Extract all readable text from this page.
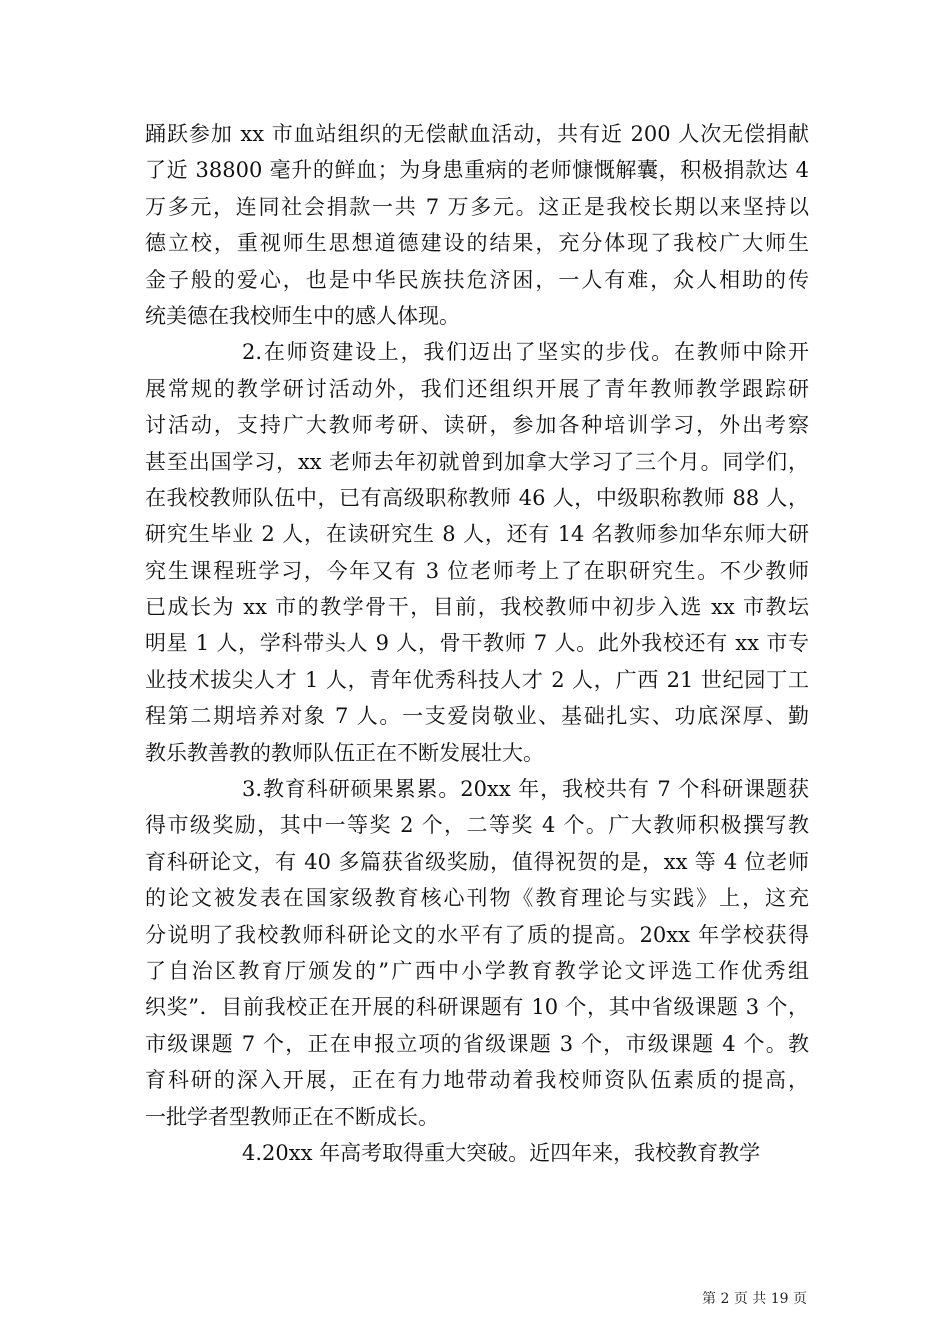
踊跃参加 xx 市血站组织的无偿献血活动，共有近 200 人次无偿捐献
了近 38800 毫升的鲜血；为身患重病的老师慷慨解囊，积极捐款达 4
万多元，连同社会捐款一共 7 万多元。这正是我校长期以来坚持以
德立校，重视师生思想道德建设的结果，充分体现了我校广大师生
金子般的爱心，也是中华民族扶危济困，一人有难，众人相助的传
统美德在我校师生中的感人体现。
2.在师资建设上，我们迈出了坚实的步伐。在教师中除开
展常规的教学研讨活动外，我们还组织开展了青年教师教学跟踪研
讨活动，支持广大教师考研、读研，参加各种培训学习，外出考察
甚至出国学习，xx 老师去年初就曾到加拿大学习了三个月。同学们，
在我校教师队伍中，已有高级职称教师 46 人，中级职称教师 88 人，
研究生毕业 2 人，在读研究生 8 人，还有 14 名教师参加华东师大研
究生课程班学习，今年又有 3 位老师考上了在职研究生。不少教师
已成长为 xx 市的教学骨干，目前，我校教师中初步入选 xx 市教坛
明星 1 人，学科带头人 9 人，骨干教师 7 人。此外我校还有 xx 市专
业技术拔尖人才 1 人，青年优秀科技人才 2 人，广西 21 世纪园丁工
程第二期培养对象 7 人。一支爱岗敬业、基础扎实、功底深厚、勤
教乐教善教的教师队伍正在不断发展壮大。
3.教育科研硕果累累。20xx 年，我校共有 7 个科研课题获
得市级奖励，其中一等奖 2 个，二等奖 4 个。广大教师积极撰写教
育科研论文，有 40 多篇获省级奖励，值得祝贺的是，xx 等 4 位老师
的论文被发表在国家级教育核心刊物《教育理论与实践》上，这充
分说明了我校教师科研论文的水平有了质的提高。20xx 年学校获得
了自治区教育厅颁发的”广西中小学教育教学论文评选工作优秀组
织奖”．目前我校正在开展的科研课题有 10 个，其中省级课题 3 个，
市级课题 7 个，正在申报立项的省级课题 3 个，市级课题 4 个。教
育科研的深入开展，正在有力地带动着我校师资队伍素质的提高，
一批学者型教师正在不断成长。
4.20xx 年高考取得重大突破。近四年来，我校教育教学
第 2 页 共 19 页
